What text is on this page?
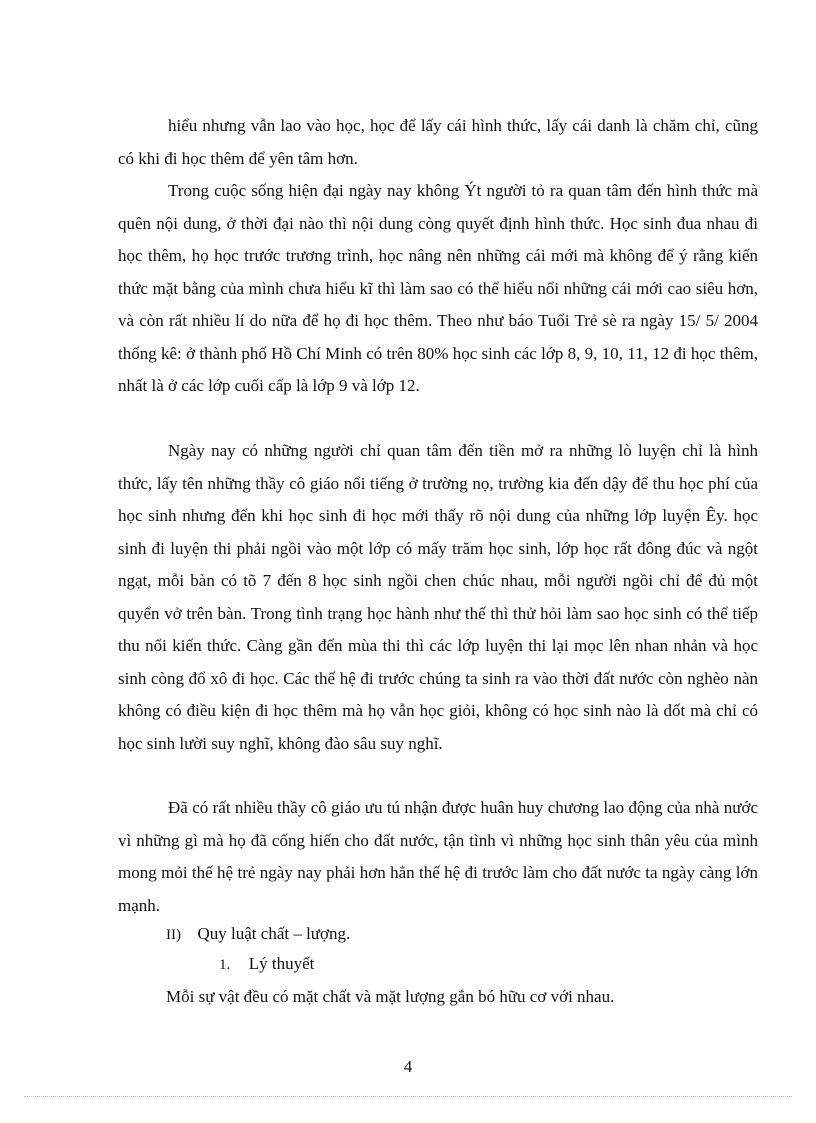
hiểu nhưng vẫn lao vào học, học để lấy cái hình thức, lấy cái danh là chăm chỉ, cũng có khi đi học thêm để yên tâm hơn.

Trong cuộc sống hiện đại ngày nay không Ýt người tỏ ra quan tâm đến hình thức mà quên nội dung, ở thời đại nào thì nội dung còng quyết định hình thức. Học sinh đua nhau đi học thêm, họ học trước trương trình, học nâng nên những cái mới mà không để ý rằng kiến thức mặt bằng của mình chưa hiểu kĩ thì làm sao có thể hiểu nổi những cái mới cao siêu hơn, và còn rất nhiều lí do nữa để họ đi học thêm. Theo như báo Tuổi Trẻ sè ra ngày 15/ 5/ 2004 thống kê: ở thành phố Hồ Chí Minh có trên 80% học sinh các lớp 8, 9, 10, 11, 12 đi học thêm, nhất là ở các lớp cuối cấp là lớp 9 và lớp 12.

Ngày nay có những người chỉ quan tâm đến tiền mở ra những lò luyện chỉ là hình thức, lấy tên những thầy cô giáo nổi tiếng ở trường nọ, trường kia đến dậy để thu học phí của học sinh nhưng đến khi học sinh đi học mới thấy rõ nội dung của những lớp luyện Êy. học sinh đi luyện thi phải ngồi vào một lớp có mấy trăm học sinh, lớp học rất đông đúc và ngột ngạt, mỗi bàn có tõ 7 đến 8 học sinh ngồi chen chúc nhau, mỗi người ngồi chỉ để đủ một quyển vở trên bàn. Trong tình trạng học hành như thế thì thử hỏi làm sao học sinh có thể tiếp thu nổi kiến thức. Càng gần đến mùa thi thì các lớp luyện thi lại mọc lên nhan nhản và học sinh còng đổ xô đi học. Các thế hệ đi trước chúng ta sinh ra vào thời đất nước còn nghèo nàn không có điều kiện đi học thêm mà họ vẫn học giỏi, không có học sinh nào là dốt mà chỉ có học sinh lười suy nghĩ, không đào sâu suy nghĩ.

Đã có rất nhiều thầy cô giáo ưu tú nhận được huân huy chương lao động của nhà nước vì những gì mà họ đã cống hiến cho đất nước, tận tình vì những học sinh thân yêu của mình mong mỏi thế hệ trẻ ngày nay phải hơn hẳn thế hệ đi trước làm cho đất nước ta ngày càng lớn mạnh.

II) Quy luật chất – lượng.
1. Lý thuyết
Mỗi sự vật đều có mặt chất và mặt lượng gắn bó hữu cơ với nhau.
4
